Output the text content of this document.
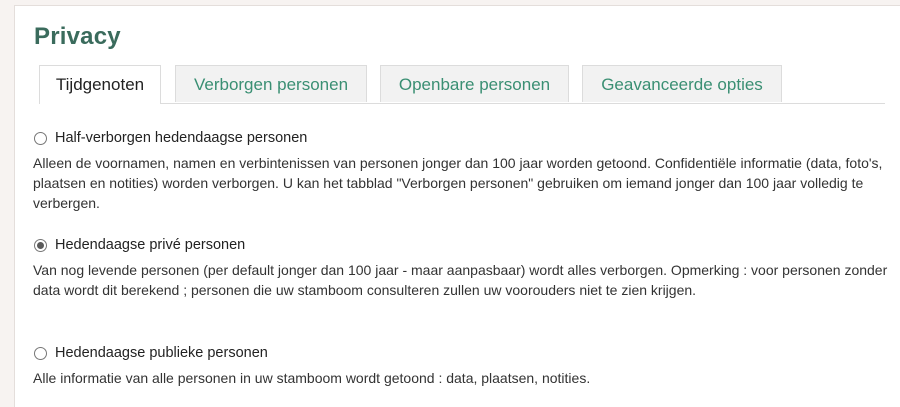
Privacy
Tijdgenoten	Verborgen personen	Openbare personen	Geavanceerde opties
Half-verborgen hedendaagse personen
Alleen de voornamen, namen en verbintenissen van personen jonger dan 100 jaar worden getoond. Confidentiële informatie (data, foto's, plaatsen en notities) worden verborgen. U kan het tabblad "Verborgen personen" gebruiken om iemand jonger dan 100 jaar volledig te verbergen.
Hedendaagse privé personen
Van nog levende personen (per default jonger dan 100 jaar - maar aanpasbaar) wordt alles verborgen. Opmerking : voor personen zonder data wordt dit berekend ; personen die uw stamboom consulteren zullen uw voorouders niet te zien krijgen.
Hedendaagse publieke personen
Alle informatie van alle personen in uw stamboom wordt getoond : data, plaatsen, notities.
